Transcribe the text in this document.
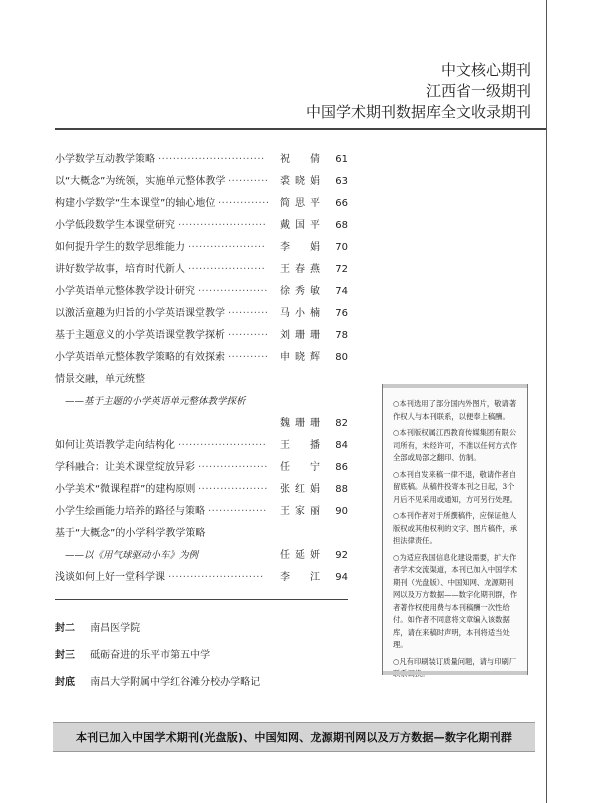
中文核心期刊
江西省一级期刊
中国学术期刊数据库全文收录期刊
小学数学互动教学策略	祝　倩	61
·····························
以“大概念”为统领，实施单元整体教学	裘晓娟	63
···········
构建小学数学“生本课堂”的轴心地位	简思平	66
··············
小学低段数学生本课堂研究	戴国平	68
························
如何提升学生的数学思维能力	李　娟	70
·····················
讲好数学故事，培育时代新人	王春燕	72
·····················
小学英语单元整体教学设计研究	徐秀敏	74
···················
以激活童趣为归旨的小学英语课堂教学	马小楠	76
···········
基于主题意义的小学英语课堂教学探析	刘珊珊	78
···········
小学英语单元整体教学策略的有效探索	申晓辉	80
···········
情景交融，单元统整
——基于主题的小学英语单元整体教学探析
魏珊珊	82
如何让英语教学走向结构化	王　播	84
························
学科融合：让美术课堂绽放异彩	任　宁	86
···················
小学美术“微课程群”的建构原则	张红娟	88
···················
小学生绘画能力培养的路径与策略	王家丽	90
················
基于“大概念”的小学科学教学策略
——以《用气球驱动小车》为例	任延妍	92
浅谈如何上好一堂科学课	李　江	94
··························
封二 南昌医学院
封三 砥砺奋进的乐平市第五中学
封底 南昌大学附属中学红谷滩分校办学略记

○本刊选用了部分国内外图片，敬请著作权人与本刊联系，以便奉上稿酬。

○本刊版权属江西教育传媒集团有限公司所有，未经许可，不准以任何方式作全部或局部之翻印、仿制。

○本刊自发来稿一律不退，敬请作者自留底稿。从稿件投寄本刊之日起，3个月后不见采用或通知，方可另行处理。

○本刊作者对于所撰稿件，应保证他人版权或其他权利的文字、图片稿件，承担法律责任。

○为适应我国信息化建设需要，扩大作者学术交流渠道，本刊已加入中国学术期刊（光盘版）、中国知网、龙源期刊网以及万方数据——数字化期刊群，作者著作权使用费与本刊稿酬一次性给付。如作者不同意将文章编入该数据库，请在来稿时声明，本刊将适当处理。

○凡有印刷装订质量问题，请与印刷厂

本刊已加入中国学术期刊(光盘版)、中国知网、龙源期刊网以及万方数据—数字化期刊群
